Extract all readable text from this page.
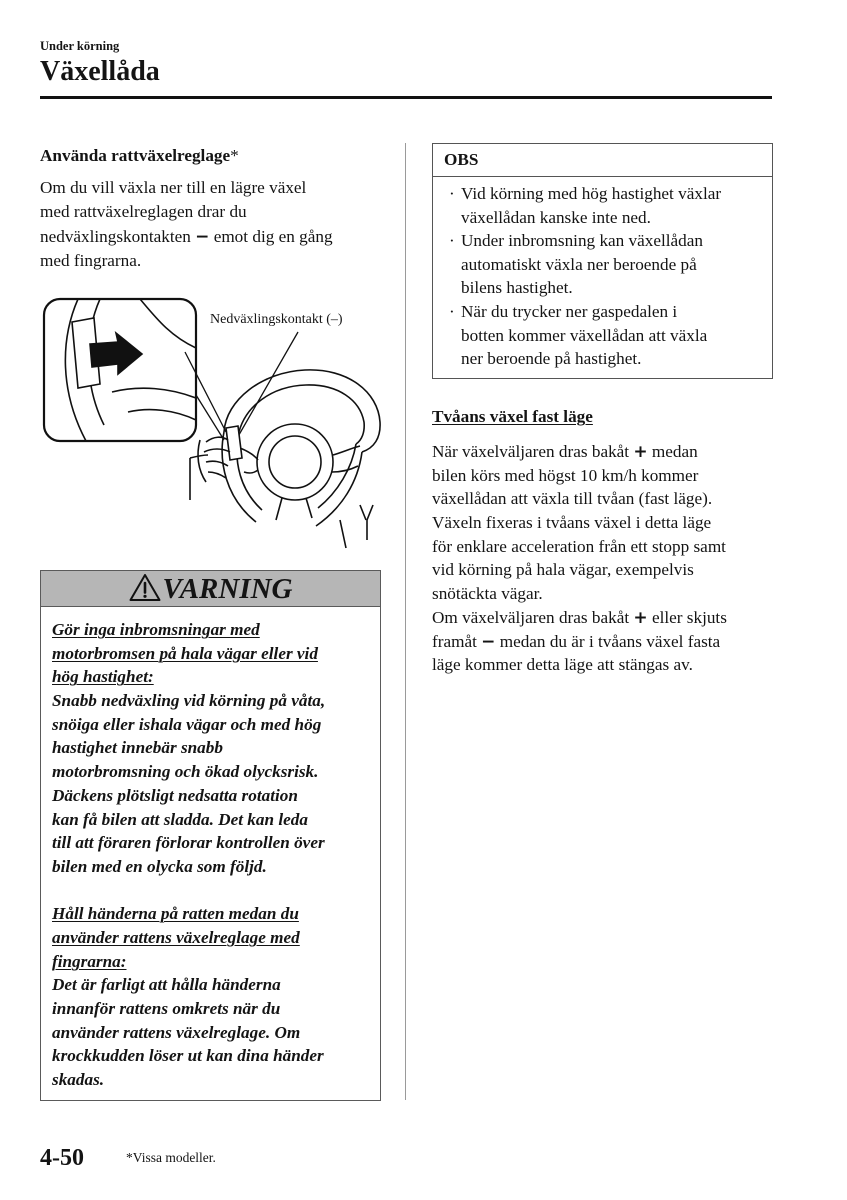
Under körning
Växellåda
Använda rattväxelreglage*
Om du vill växla ner till en lägre växel
med rattväxelreglagen drar du
nedväxlingskontakten − emot dig en gång
med fingrarna.
Nedväxlingskontakt (–)
VARNING
Gör inga inbromsningar med
motorbromsen på hala vägar eller vid
hög hastighet:
Snabb nedväxling vid körning på våta,
snöiga eller ishala vägar och med hög
hastighet innebär snabb
motorbromsning och ökad olycksrisk.
Däckens plötsligt nedsatta rotation
kan få bilen att sladda. Det kan leda
till att föraren förlorar kontrollen över
bilen med en olycka som följd.
Håll händerna på ratten medan du
använder rattens växelreglage med
fingrarna:
Det är farligt att hålla händerna
innanför rattens omkrets när du
använder rattens växelreglage. Om
krockkudden löser ut kan dina händer
skadas.
OBS
· Vid körning med hög hastighet växlar
växellådan kanske inte ned.
· Under inbromsning kan växellådan
automatiskt växla ner beroende på
bilens hastighet.
· När du trycker ner gaspedalen i
botten kommer växellådan att växla
ner beroende på hastighet.
Tvåans växel fast läge
När växelväljaren dras bakåt + medan
bilen körs med högst 10 km/h kommer
växellådan att växla till tvåan (fast läge).
Växeln fixeras i tvåans växel i detta läge
för enklare acceleration från ett stopp samt
vid körning på hala vägar, exempelvis
snötäckta vägar.
Om växelväljaren dras bakåt + eller skjuts
framåt − medan du är i tvåans växel fasta
läge kommer detta läge att stängas av.
4-50	*Vissa modeller.
